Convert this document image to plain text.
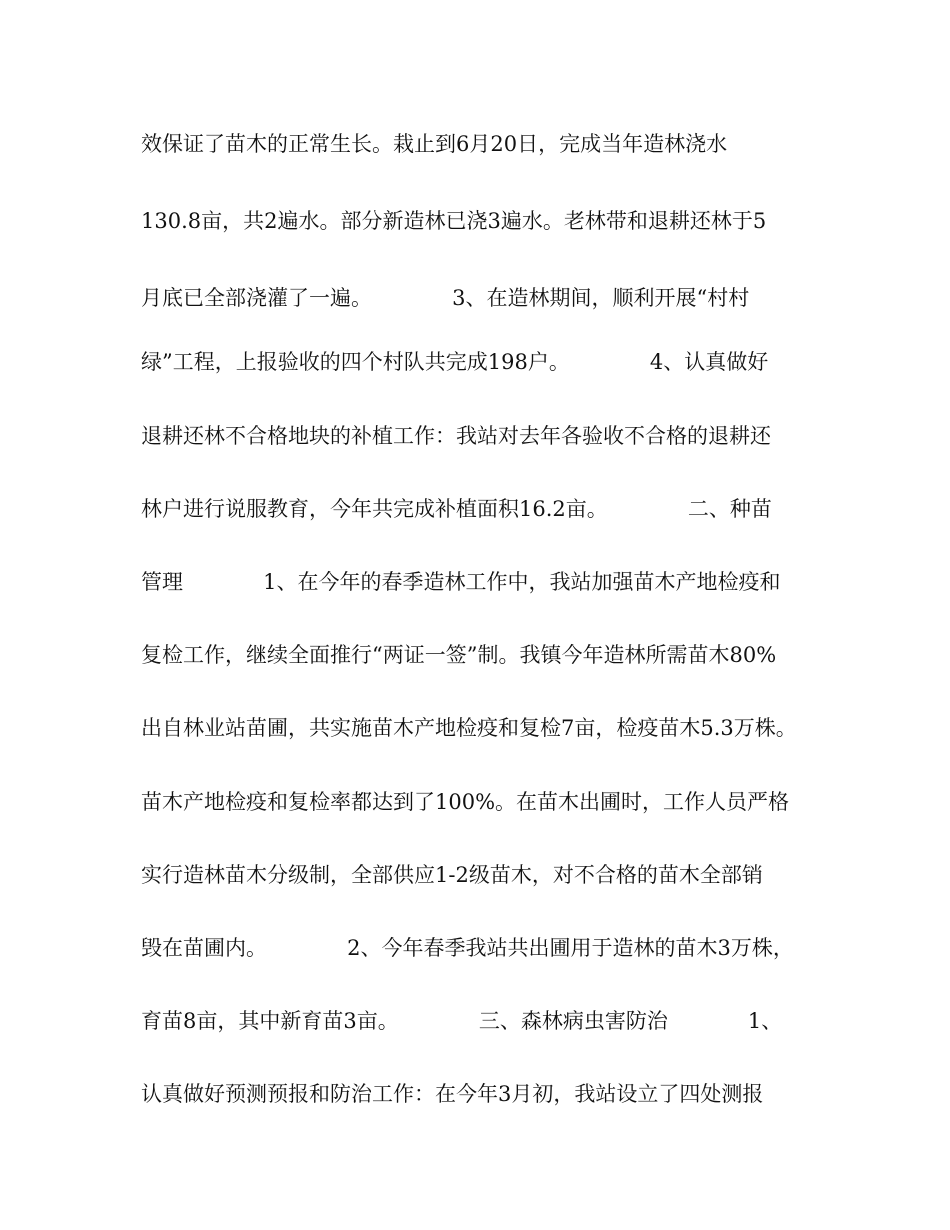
效保证了苗木的正常生长。栽止到6月20日，完成当年造林浇水
130.8亩，共2遍水。部分新造林已浇3遍水。老林带和退耕还林于5
月底已全部浇灌了一遍。            3、在造林期间，顺利开展“村村
绿”工程，上报验收的四个村队共完成198户。            4、认真做好
退耕还林不合格地块的补植工作：我站对去年各验收不合格的退耕还
林户进行说服教育，今年共完成补植面积16.2亩。            二、种苗
管理            1、在今年的春季造林工作中，我站加强苗木产地检疫和
复检工作，继续全面推行“两证一签”制。我镇今年造林所需苗木80%
出自林业站苗圃，共实施苗木产地检疫和复检7亩，检疫苗木5.3万株。
苗木产地检疫和复检率都达到了100%。在苗木出圃时，工作人员严格
实行造林苗木分级制，全部供应1-2级苗木，对不合格的苗木全部销
毁在苗圃内。            2、今年春季我站共出圃用于造林的苗木3万株，
育苗8亩，其中新育苗3亩。            三、森林病虫害防治            1、
认真做好预测预报和防治工作：在今年3月初，我站设立了四处测报
